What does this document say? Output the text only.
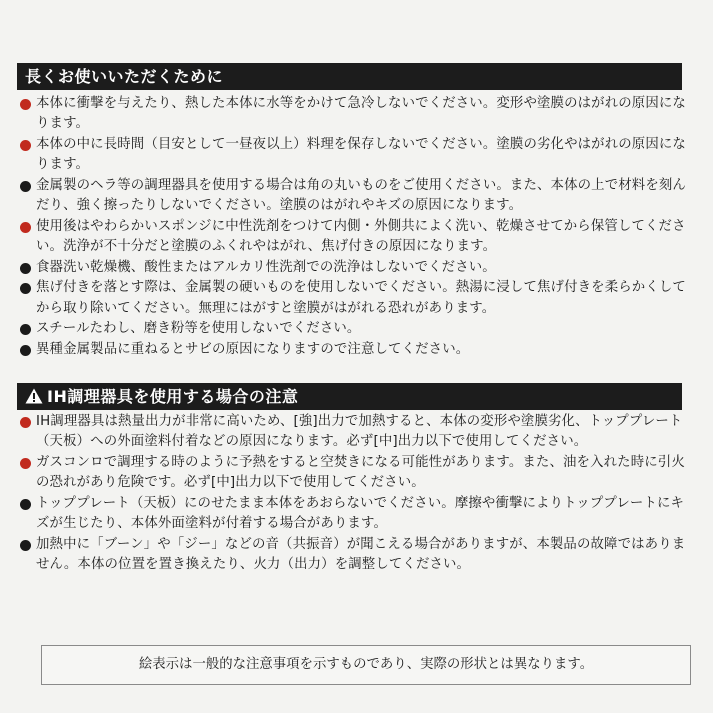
長くお使いいただくために
本体に衝撃を与えたり、熱した本体に水等をかけて急冷しないでください。変形や塗膜のはがれの原因になります。
本体の中に長時間（目安として一昼夜以上）料理を保存しないでください。塗膜の劣化やはがれの原因になります。
金属製のヘラ等の調理器具を使用する場合は角の丸いものをご使用ください。また、本体の上で材料を刻んだり、強く擦ったりしないでください。塗膜のはがれやキズの原因になります。
使用後はやわらかいスポンジに中性洗剤をつけて内側・外側共によく洗い、乾燥させてから保管してください。洗浄が不十分だと塗膜のふくれやはがれ、焦げ付きの原因になります。
食器洗い乾燥機、酸性またはアルカリ性洗剤での洗浄はしないでください。
焦げ付きを落とす際は、金属製の硬いものを使用しないでください。熱湯に浸して焦げ付きを柔らかくしてから取り除いてください。無理にはがすと塗膜がはがれる恐れがあります。
スチールたわし、磨き粉等を使用しないでください。
異種金属製品に重ねるとサビの原因になりますので注意してください。
IH調理器具を使用する場合の注意
IH調理器具は熱量出力が非常に高いため、[強]出力で加熱すると、本体の変形や塗膜劣化、トッププレート（天板）への外面塗料付着などの原因になります。必ず[中]出力以下で使用してください。
ガスコンロで調理する時のように予熱をすると空焚きになる可能性があります。また、油を入れた時に引火の恐れがあり危険です。必ず[中]出力以下で使用してください。
トッププレート（天板）にのせたまま本体をあおらないでください。摩擦や衝撃によりトッププレートにキズが生じたり、本体外面塗料が付着する場合があります。
加熱中に「ブーン」や「ジー」などの音（共振音）が聞こえる場合がありますが、本製品の故障ではありません。本体の位置を置き換えたり、火力（出力）を調整してください。
絵表示は一般的な注意事項を示すものであり、実際の形状とは異なります。
